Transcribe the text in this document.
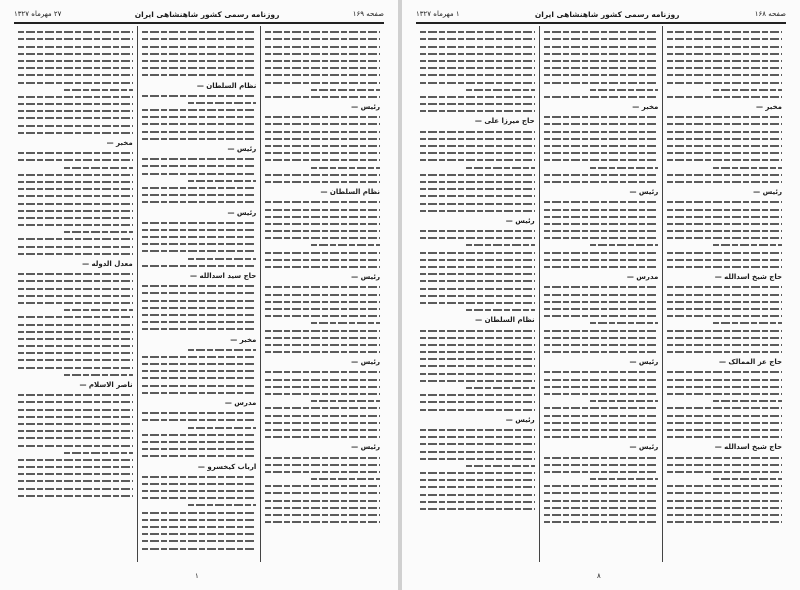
صفحه ۱۶۹
روزنامه رسمی کشور شاهنشاهی ایران
۲۷ مهرماه ۱۳۲۷
رئیس —
نظام السلطان —
رئیس —
رئیس —
رئیس —
نظام السلطان —
رئیس —
رئیس —
حاج سید اسدالله —
مخبر —
مدرس —
ارباب کیخسرو —
مخبر —
معدل الدوله —
ناصر الاسلام —
۱
صفحه ۱۶۸
روزنامه رسمی کشور شاهنشاهی ایران
۱ مهرماه ۱۳۲۷
مخبر —
رئیس —
حاج شیخ اسدالله —
حاج عز الممالک —
حاج شیخ اسدالله —
مخبر —
رئیس —
مدرس —
رئیس —
رئیس —
حاج میرزا علی —
رئیس —
نظام السلطان —
رئیس —
۸
